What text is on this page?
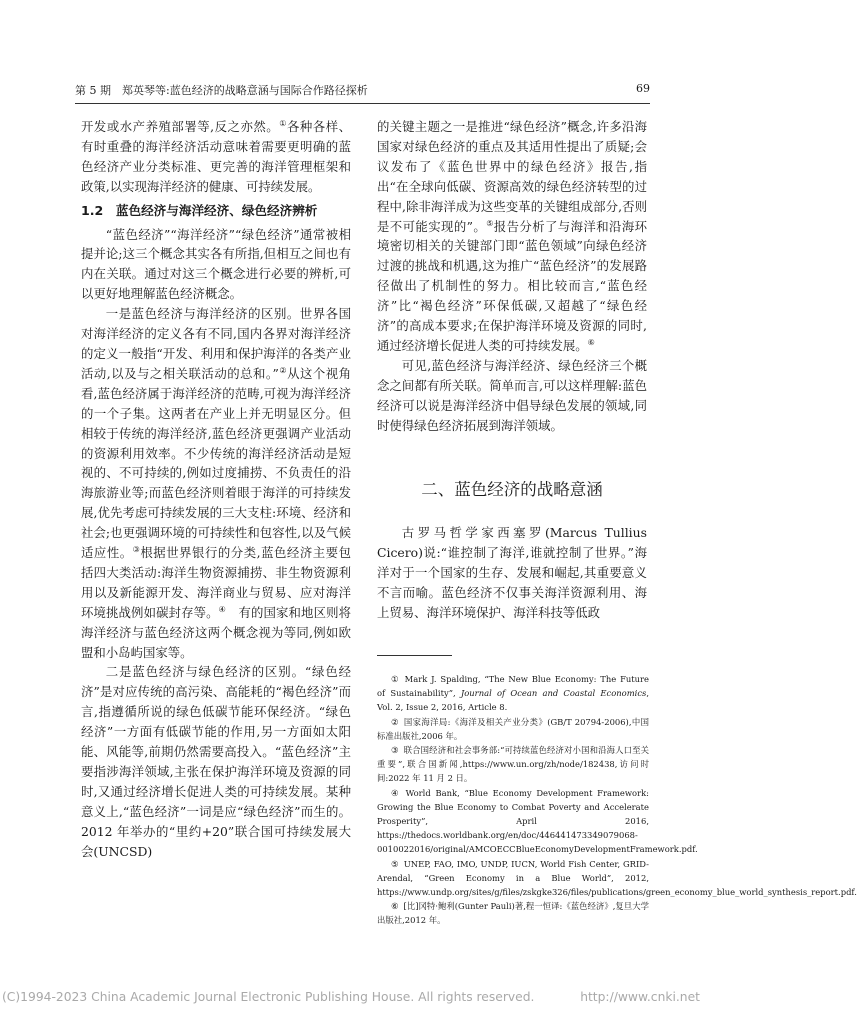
第 5 期　郑英琴等:蓝色经济的战略意涵与国际合作路径探析	69

开发或水产养殖部署等,反之亦然。①各种各样、有时重叠的海洋经济活动意味着需要更明确的蓝色经济产业分类标准、更完善的海洋管理框架和政策,以实现海洋经济的健康、可持续发展。

1.2　蓝色经济与海洋经济、绿色经济辨析

“蓝色经济”“海洋经济”“绿色经济”通常被相提并论;这三个概念其实各有所指,但相互之间也有内在关联。通过对这三个概念进行必要的辨析,可以更好地理解蓝色经济概念。

一是蓝色经济与海洋经济的区别。世界各国对海洋经济的定义各有不同,国内各界对海洋经济的定义一般指“开发、利用和保护海洋的各类产业活动,以及与之相关联活动的总和。”②从这个视角看,蓝色经济属于海洋经济的范畴,可视为海洋经济的一个子集。这两者在产业上并无明显区分。但相较于传统的海洋经济,蓝色经济更强调产业活动的资源利用效率。不少传统的海洋经济活动是短视的、不可持续的,例如过度捕捞、不负责任的沿海旅游业等;而蓝色经济则着眼于海洋的可持续发展,优先考虑可持续发展的三大支柱:环境、经济和社会;也更强调环境的可持续性和包容性,以及气候适应性。③根据世界银行的分类,蓝色经济主要包括四大类活动:海洋生物资源捕捞、非生物资源利用以及新能源开发、海洋商业与贸易、应对海洋环境挑战例如碳封存等。④　 有的国家和地区则将海洋经济与蓝色经济这两个概念视为等同,例如欧盟和小岛屿国家等。

二是蓝色经济与绿色经济的区别。“绿色经济”是对应传统的高污染、高能耗的“褐色经济”而言,指遵循所说的绿色低碳节能环保经济。“绿色经济”一方面有低碳节能的作用,另一方面如太阳能、风能等,前期仍然需要高投入。“蓝色经济”主要指涉海洋领域,主张在保护海洋环境及资源的同时,又通过经济增长促进人类的可持续发展。某种意义上,“蓝色经济”一词是应“绿色经济”而生的。2012 年举办的“里约+20”联合国可持续发展大会(UNCSD)

的关键主题之一是推进“绿色经济”概念,许多沿海国家对绿色经济的重点及其适用性提出了质疑;会议发布了《蓝色世界中的绿色经济》报告,指出“在全球向低碳、资源高效的绿色经济转型的过程中,除非海洋成为这些变革的关键组成部分,否则是不可能实现的”。⑤报告分析了与海洋和沿海环境密切相关的关键部门即“蓝色领域”向绿色经济过渡的挑战和机遇,这为推广“蓝色经济”的发展路径做出了机制性的努力。相比较而言,“蓝色经济”比“褐色经济”环保低碳,又超越了“绿色经济”的高成本要求;在保护海洋环境及资源的同时,通过经济增长促进人类的可持续发展。⑥

可见,蓝色经济与海洋经济、绿色经济三个概念之间都有所关联。简单而言,可以这样理解:蓝色经济可以说是海洋经济中倡导绿色发展的领域,同时使得绿色经济拓展到海洋领域。

二、蓝色经济的战略意涵

古罗马哲学家西塞罗(Marcus Tullius Cicero)说:“谁控制了海洋,谁就控制了世界。”海洋对于一个国家的生存、发展和崛起,其重要意义不言而喻。蓝色经济不仅事关海洋资源利用、海上贸易、海洋环境保护、海洋科技等低政

① Mark J. Spalding, “The New Blue Economy: The Future of Sustainability”, Journal of Ocean and Coastal Economics, Vol. 2, Issue 2, 2016, Article 8.

② 国家海洋局:《海洋及相关产业分类》(GB/T 20794-2006),中国标准出版社,2006 年。

③ 联合国经济和社会事务部:“可持续蓝色经济对小国和沿海人口至关重要”,联合国新闻,https://www.un.org/zh/node/182438,访问时间:2022 年 11 月 2 日。

④ World Bank, “Blue Economy Development Framework: Growing the Blue Economy to Combat Poverty and Accelerate Prosperity”, April 2016, https://thedocs.worldbank.org/en/doc/446441473349079068-0010022016/original/AMCOECCBlueEconomyDevelopmentFramework.pdf.

⑤ UNEP, FAO, IMO, UNDP, IUCN, World Fish Center, GRID-Arendal, “Green Economy in a Blue World”, 2012, https://www.undp.org/sites/g/files/zskgke326/files/publications/green_economy_blue_world_synthesis_report.pdf.

⑥ [比]冈特·鲍利(Gunter Pauli)著,程一恒译:《蓝色经济》,复旦大学出版社,2012 年。

(C)1994-2023 China Academic Journal Electronic Publishing House. All rights reserved.	http://www.cnki.net
